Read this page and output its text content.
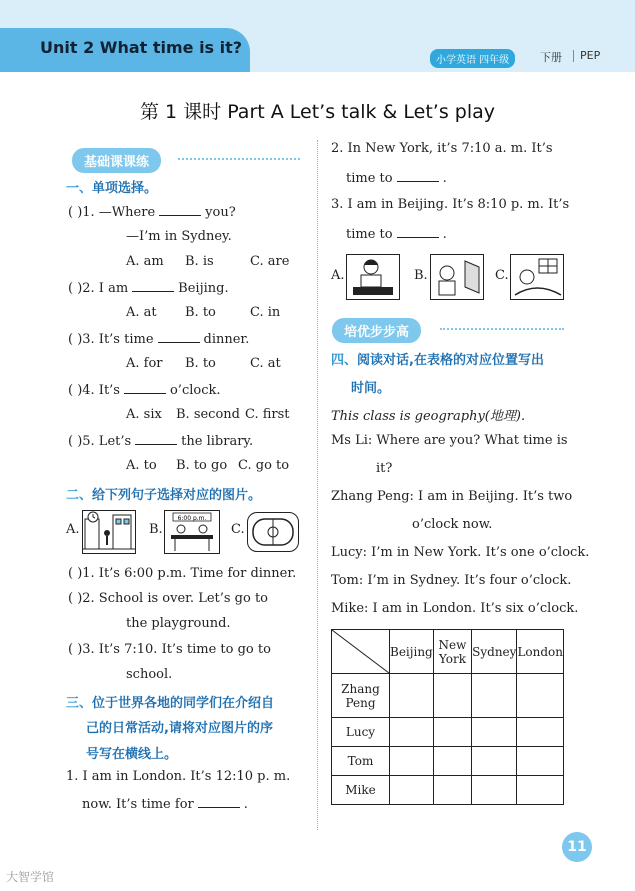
Unit 2 What time is it?
小学英语 四年级	下册 PEP
第 1 课时 Part A Let’s talk & Let’s play
基础课课练
一、单项选择。
( )1. —Where	you?
—I’m in Sydney.
A. am B. is	C. are
( )2. I am	Beijing.
A. at B. to	C. in
( )3. It’s time	dinner.
A. for B. to	C. at
( )4. It’s	o’clock.
A. six B. second C. first
( )5. Let’s	the library.
A. to B. to go C. go to
二、给下列句子选择对应的图片。
A.	B.
6:00 p.m.
C.
( )1. It’s 6:00 p.m. Time for dinner.
( )2. School is over. Let’s go to
the playground.
( )3. It’s 7:10. It’s time to go to
school.
三、位于世界各地的同学们在介绍自
己的日常活动,请将对应图片的序
号写在横线上。
1. I am in London. It’s 12:10 p. m.
now. It’s time for	.
2. In New York, it’s 7:10 a. m. It’s
time to	.
3. I am in Beijing. It’s 8:10 p. m. It’s
time to	.
A.	B.	C.
培优步步高
四、阅读对话,在表格的对应位置写出
时间。
This class is geography(地理).
Ms Li: Where are you? What time is
it?
Zhang Peng: I am in Beijing. It’s two
o’clock now.
Lucy: I’m in New York. It’s one o’clock.
Tom: I’m in Sydney. It’s four o’clock.
Mike: I am in London. It’s six o’clock.
	Beijing	New York	Sydney	London
Zhang Peng				
Lucy				
Tom				
Mike				
11
大智学馆
